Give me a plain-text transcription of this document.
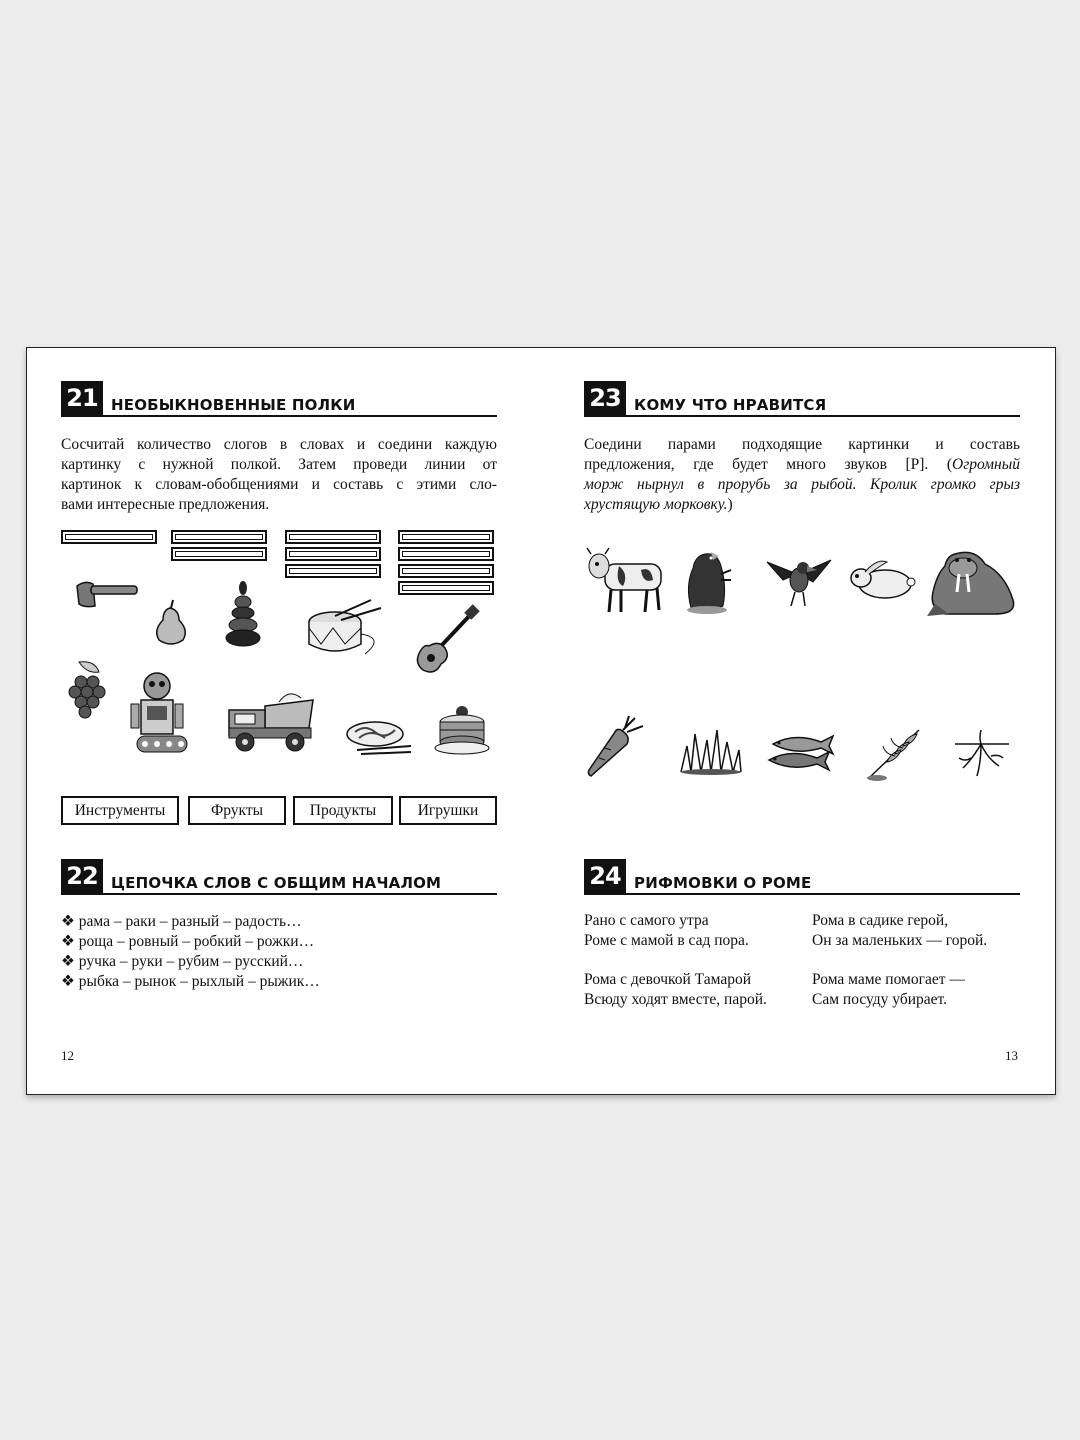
21 НЕОБЫКНОВЕННЫЕ ПОЛКИ
Сосчитай количество слогов в словах и соедини каждую
картинку с нужной полкой. Затем проведи линии от
картинок к словам-обобщениями и составь с этими сло-
вами интересные предложения.
Инструменты	Фрукты	Продукты	Игрушки
22 ЦЕПОЧКА СЛОВ С ОБЩИМ НАЧАЛОМ
❖ рама – раки – разный – радость…
❖ роща – ровный – робкий – рожки…
❖ ручка – руки – рубим – русский…
❖ рыбка – рынок – рыхлый – рыжик…
12
23 КОМУ ЧТО НРАВИТСЯ
Соедини парами подходящие картинки и составь
предложения, где будет много звуков [Р]. (Огромный
морж нырнул в прорубь за рыбой. Кролик громко грыз
хрустящую морковку.)
24 РИФМОВКИ О РОМЕ
Рано с самого утра
Роме с мамой в сад пора.
Рома в садике герой,
Он за маленьких — горой.
Рома с девочкой Тамарой
Всюду ходят вместе, парой.
Рома маме помогает —
Сам посуду убирает.
13
